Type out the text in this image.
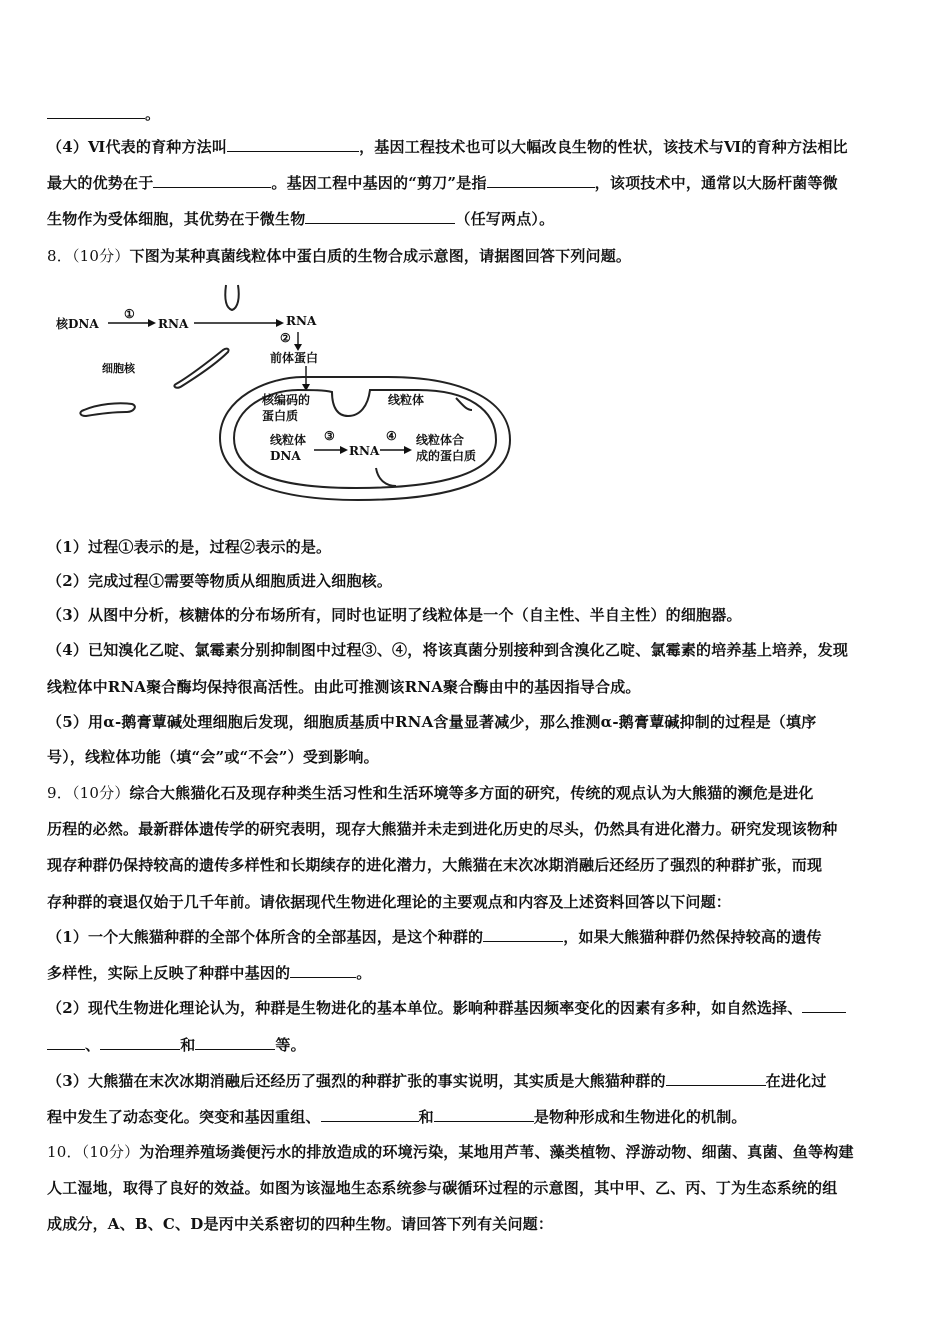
。
（4）Ⅵ代表的育种方法叫	，基因工程技术也可以大幅改良生物的性状，该技术与Ⅵ的育种方法相比
最大的优势在于	。基因工程中基因的“剪刀”是指	，该项技术中，通常以大肠杆菌等微
生物作为受体细胞，其优势在于微生物	（任写两点）。
8．（10分）下图为某种真菌线粒体中蛋白质的生物合成示意图，请据图回答下列问题。
核DNA
①
RNA	RNA
②
前体蛋白
细胞核
核编码的
蛋白质
线粒体
线粒体
DNA
③
RNA
④ 线粒体合
成的蛋白质
（1）过程①表示的是，过程②表示的是。
（2）完成过程①需要等物质从细胞质进入细胞核。
（3）从图中分析，核糖体的分布场所有，同时也证明了线粒体是一个（自主性、半自主性）的细胞器。
（4）已知溴化乙啶、氯霉素分别抑制图中过程③、④，将该真菌分别接种到含溴化乙啶、氯霉素的培养基上培养，发现
线粒体中RNA聚合酶均保持很高活性。由此可推测该RNA聚合酶由中的基因指导合成。
（5）用α-鹅膏蕈碱处理细胞后发现，细胞质基质中RNA含量显著减少，那么推测α-鹅膏蕈碱抑制的过程是（填序
号），线粒体功能（填“会”或“不会”）受到影响。
9．（10分）综合大熊猫化石及现存种类生活习性和生活环境等多方面的研究，传统的观点认为大熊猫的濒危是进化
历程的必然。最新群体遗传学的研究表明，现存大熊猫并未走到进化历史的尽头，仍然具有进化潜力。研究发现该物种
现存种群仍保持较高的遗传多样性和长期续存的进化潜力，大熊猫在末次冰期消融后还经历了强烈的种群扩张，而现
存种群的衰退仅始于几千年前。请依据现代生物进化理论的主要观点和内容及上述资料回答以下问题：
（1）一个大熊猫种群的全部个体所含的全部基因，是这个种群的	，如果大熊猫种群仍然保持较高的遗传
多样性，实际上反映了种群中基因的	。
（2）现代生物进化理论认为，种群是生物进化的基本单位。影响种群基因频率变化的因素有多种，如自然选择、
、	和	等。
（3）大熊猫在末次冰期消融后还经历了强烈的种群扩张的事实说明，其实质是大熊猫种群的	在进化过
程中发生了动态变化。突变和基因重组、	和	是物种形成和生物进化的机制。
10．（10分）为治理养殖场粪便污水的排放造成的环境污染，某地用芦苇、藻类植物、浮游动物、细菌、真菌、鱼等构建
人工湿地，取得了良好的效益。如图为该湿地生态系统参与碳循环过程的示意图，其中甲、乙、丙、丁为生态系统的组
成成分，A、B、C、D是丙中关系密切的四种生物。请回答下列有关问题：
